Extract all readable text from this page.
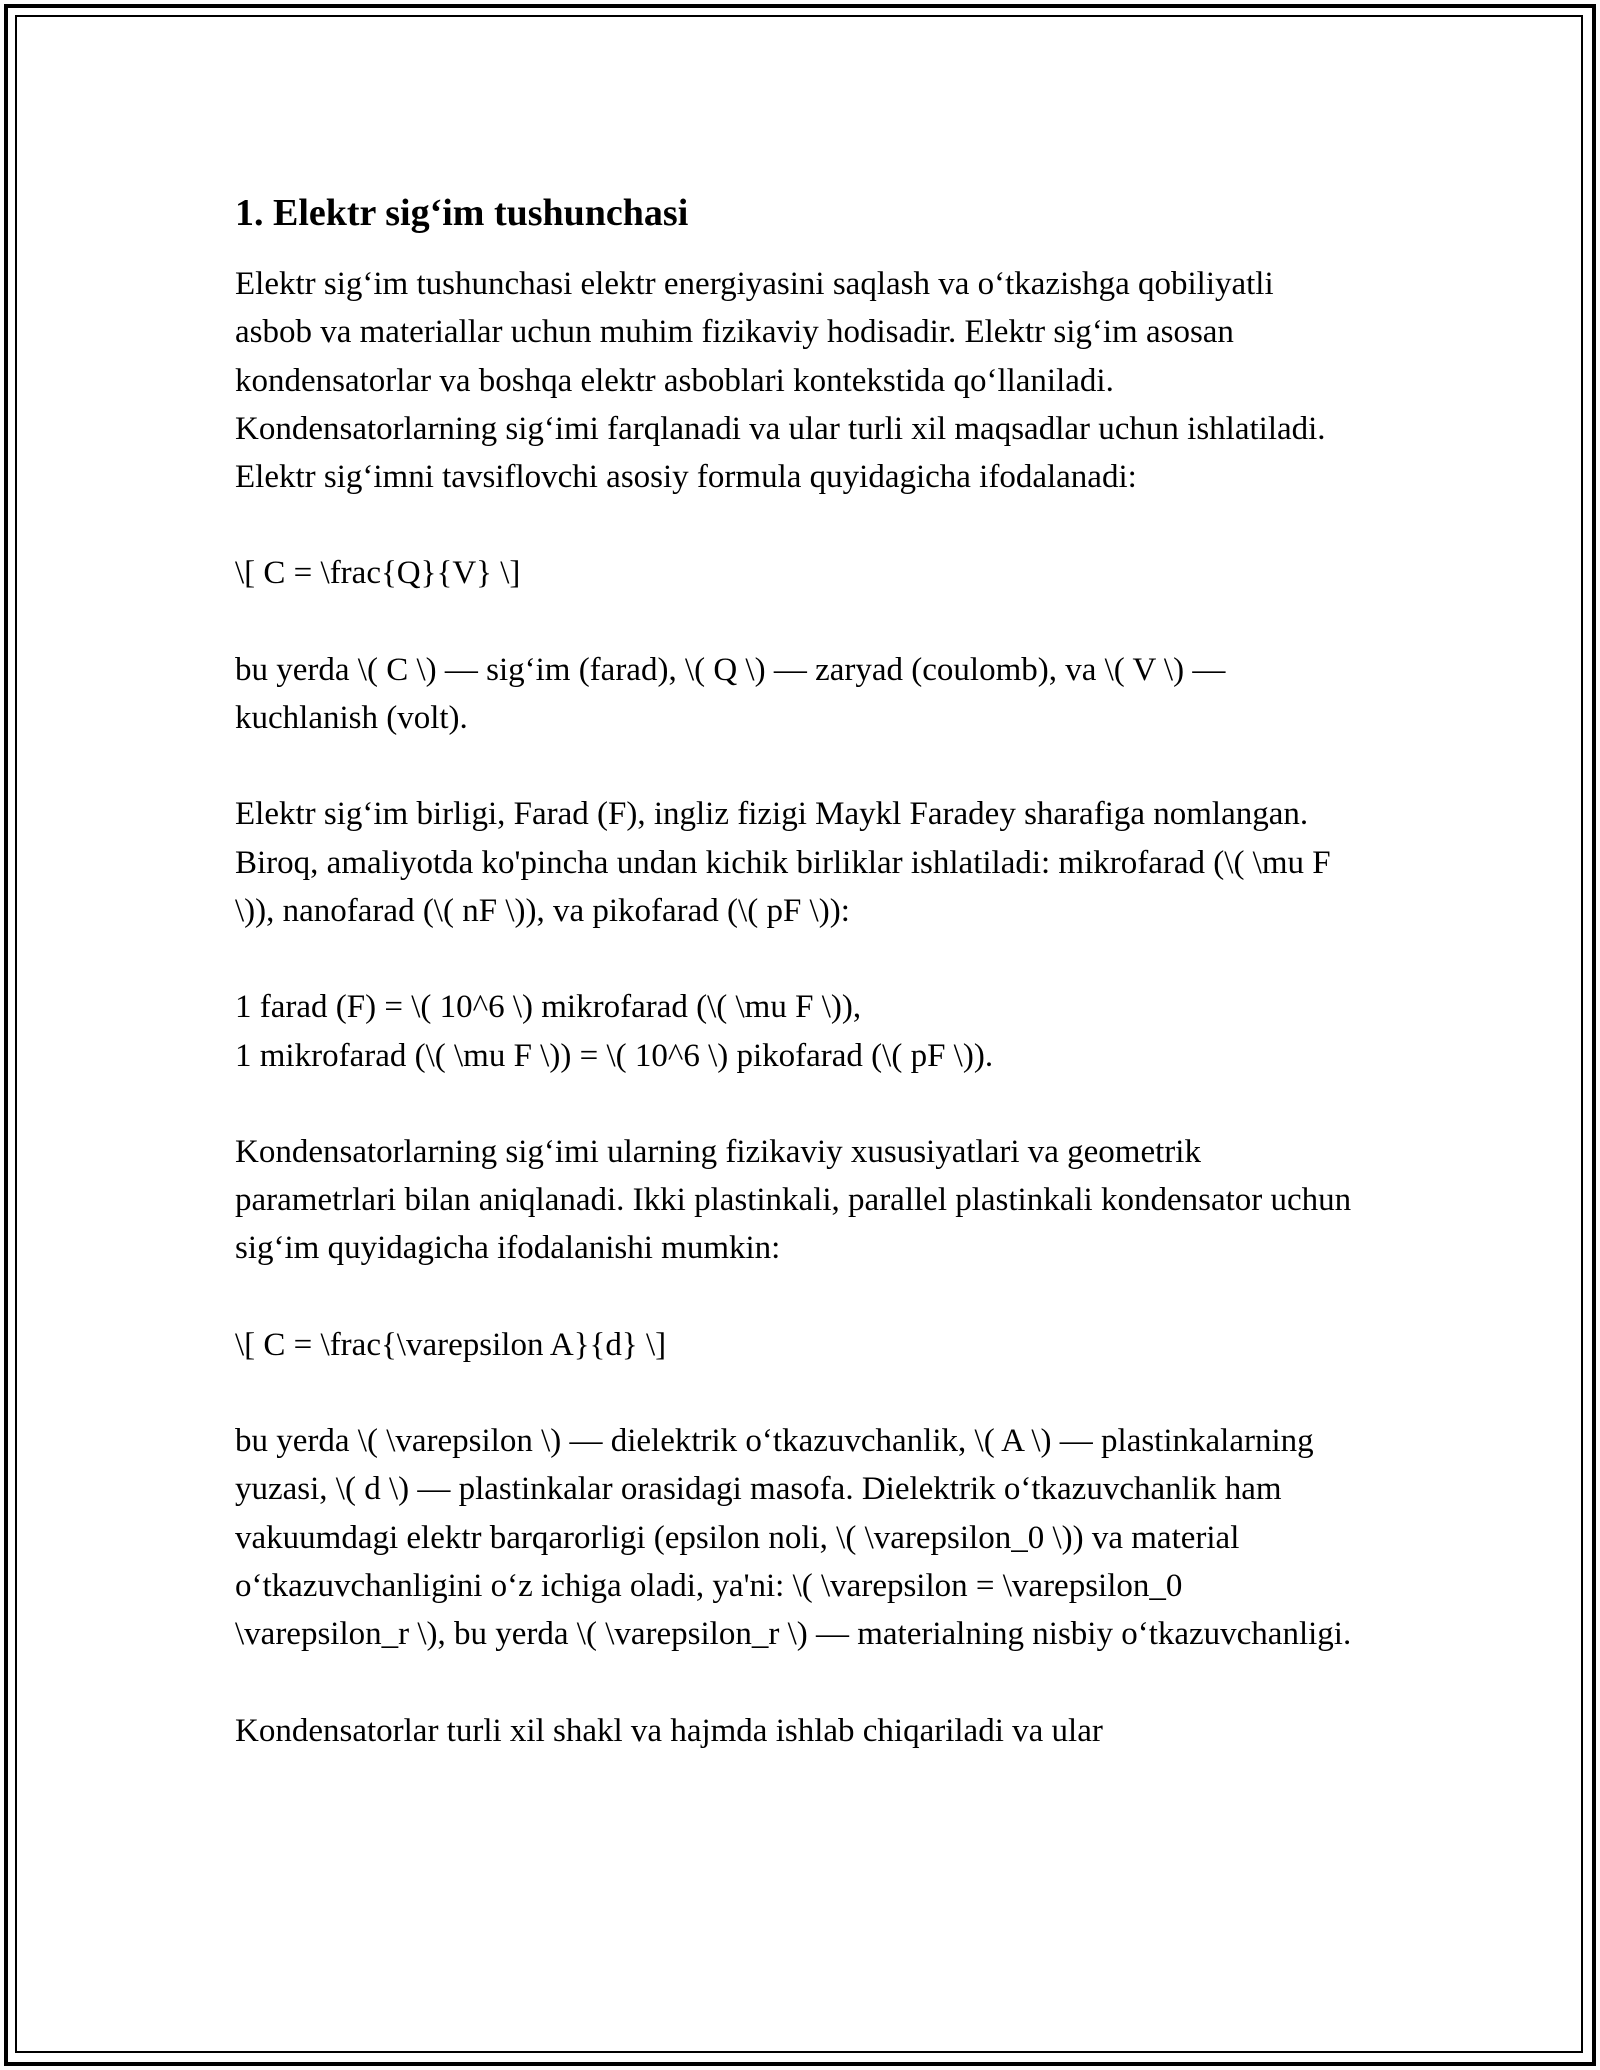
1. Elektr sig‘im tushunchasi

Elektr sig‘im tushunchasi elektr energiyasini saqlash va o‘tkazishga qobiliyatli asbob va materiallar uchun muhim fizikaviy hodisadir. Elektr sig‘im asosan kondensatorlar va boshqa elektr asboblari kontekstida qo‘llaniladi. Kondensatorlarning sig‘imi farqlanadi va ular turli xil maqsadlar uchun ishlatiladi. Elektr sig‘imni tavsiflovchi asosiy formula quyidagicha ifodalanadi:

\[ C = \frac{Q}{V} \]

bu yerda \( C \) — sig‘im (farad), \( Q \) — zaryad (coulomb), va \( V \) — kuchlanish (volt).

Elektr sig‘im birligi, Farad (F), ingliz fizigi Maykl Faradey sharafiga nomlangan. Biroq, amaliyotda ko'pincha undan kichik birliklar ishlatiladi: mikrofarad (\( \mu F \)), nanofarad (\( nF \)), va pikofarad (\( pF \)):

1 farad (F) = \( 10^6 \) mikrofarad (\( \mu F \)),
1 mikrofarad (\( \mu F \)) = \( 10^6 \) pikofarad (\( pF \)).

Kondensatorlarning sig‘imi ularning fizikaviy xususiyatlari va geometrik parametrlari bilan aniqlanadi. Ikki plastinkali, parallel plastinkali kondensator uchun sig‘im quyidagicha ifodalanishi mumkin:

\[ C = \frac{\varepsilon A}{d} \]

bu yerda \( \varepsilon \) — dielektrik o‘tkazuvchanlik, \( A \) — plastinkalarning yuzasi, \( d \) — plastinkalar orasidagi masofa. Dielektrik o‘tkazuvchanlik ham vakuumdagi elektr barqarorligi (epsilon noli, \( \varepsilon_0 \)) va material o‘tkazuvchanligini o‘z ichiga oladi, ya'ni: \( \varepsilon = \varepsilon_0 \varepsilon_r \), bu yerda \( \varepsilon_r \) — materialning nisbiy o‘tkazuvchanligi.

Kondensatorlar turli xil shakl va hajmda ishlab chiqariladi va ular
